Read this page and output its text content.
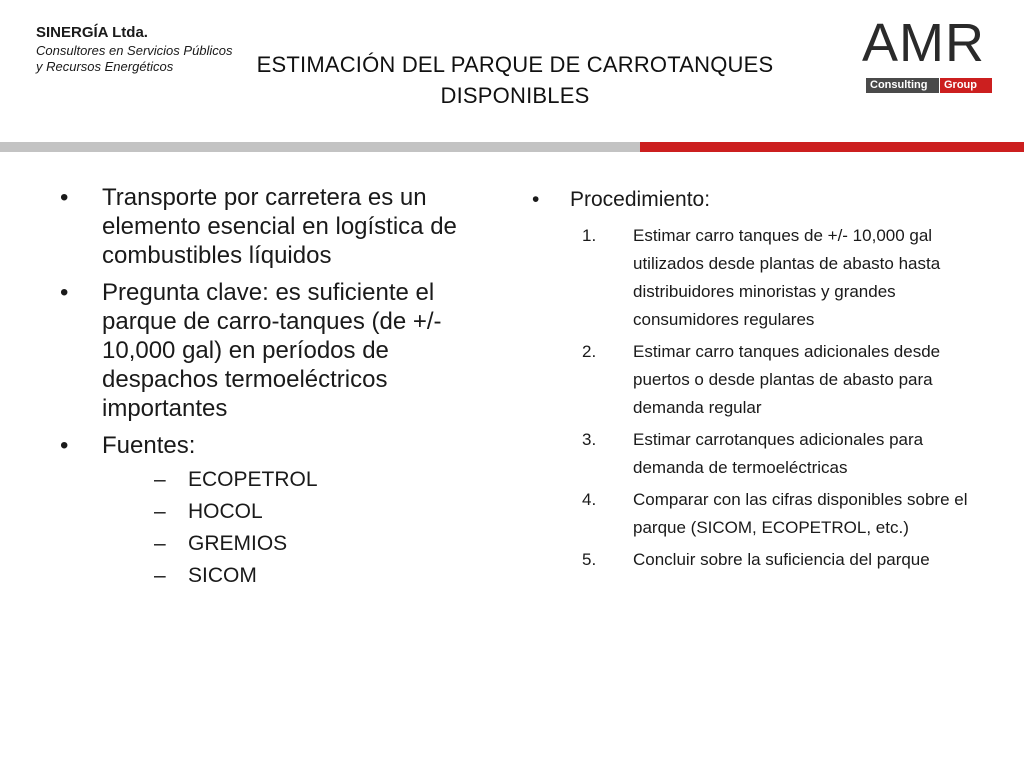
SINERGÍA Ltda.
Consultores en Servicios Públicos
y Recursos Energéticos	ESTIMACIÓN DEL PARQUE DE CARROTANQUES
DISPONIBLES
AMR
Consulting	Group
• Transporte por carretera es un elemento esencial en logística de combustibles líquidos
• Pregunta clave: es suficiente el parque de carro-tanques (de +/- 10,000 gal) en períodos de despachos termoeléctricos importantes
• Fuentes:
– ECOPETROL
– HOCOL
– GREMIOS
– SICOM
• Procedimiento:
1. Estimar carro tanques de +/- 10,000 gal utilizados desde plantas de abasto hasta distribuidores minoristas y grandes consumidores regulares
2. Estimar carro tanques adicionales desde puertos o desde plantas de abasto para demanda regular
3. Estimar carrotanques adicionales para demanda de termoeléctricas
4. Comparar con las cifras disponibles sobre el parque (SICOM, ECOPETROL, etc.)
5. Concluir sobre la suficiencia del parque
